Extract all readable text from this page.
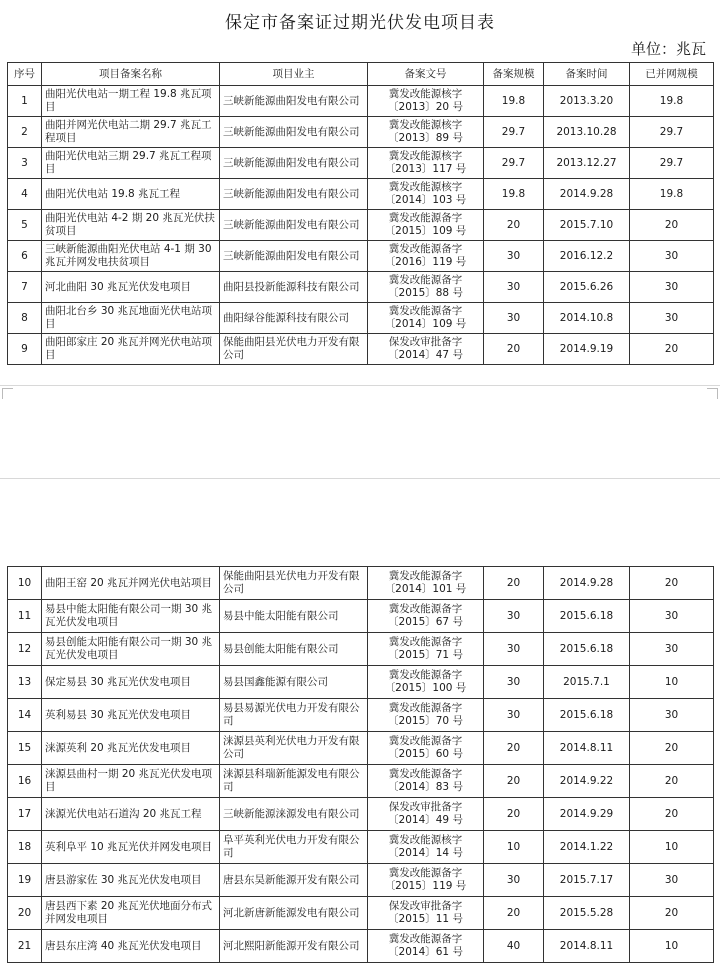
保定市备案证过期光伏发电项目表
单位：兆瓦
序号	项目备案名称	项目业主	备案文号	备案规模	备案时间	已并网规模
1	曲阳光伏电站一期工程 19.8 兆瓦项目	三峡新能源曲阳发电有限公司	冀发改能源核字〔2013〕20 号	19.8	2013.3.20	19.8
2	曲阳并网光伏电站二期 29.7 兆瓦工程项目	三峡新能源曲阳发电有限公司	冀发改能源核字〔2013〕89 号	29.7	2013.10.28	29.7
3	曲阳光伏电站三期 29.7 兆瓦工程项目	三峡新能源曲阳发电有限公司	冀发改能源核字〔2013〕117 号	29.7	2013.12.27	29.7
4	曲阳光伏电站 19.8 兆瓦工程	三峡新能源曲阳发电有限公司	冀发改能源核字〔2014〕103 号	19.8	2014.9.28	19.8
5	曲阳光伏电站 4-2 期 20 兆瓦光伏扶贫项目	三峡新能源曲阳发电有限公司	冀发改能源备字〔2015〕109 号	20	2015.7.10	20
6	三峡新能源曲阳光伏电站 4-1 期 30 兆瓦并网发电扶贫项目	三峡新能源曲阳发电有限公司	冀发改能源备字〔2016〕119 号	30	2016.12.2	30
7	河北曲阳 30 兆瓦光伏发电项目	曲阳县投新能源科技有限公司	冀发改能源备字〔2015〕88 号	30	2015.6.26	30
8	曲阳北台乡 30 兆瓦地面光伏电站项目	曲阳绿谷能源科技有限公司	冀发改能源备字〔2014〕109 号	30	2014.10.8	30
9	曲阳郎家庄 20 兆瓦并网光伏电站项目	保能曲阳县光伏电力开发有限公司	保发改审批备字〔2014〕47 号	20	2014.9.19	20
10	曲阳王窑 20 兆瓦并网光伏电站项目	保能曲阳县光伏电力开发有限公司	冀发改能源备字〔2014〕101 号	20	2014.9.28	20
11	易县中能太阳能有限公司一期 30 兆瓦光伏发电项目	易县中能太阳能有限公司	冀发改能源备字〔2015〕67 号	30	2015.6.18	30
12	易县创能太阳能有限公司一期 30 兆瓦光伏发电项目	易县创能太阳能有限公司	冀发改能源备字〔2015〕71 号	30	2015.6.18	30
13	保定易县 30 兆瓦光伏发电项目	易县国鑫能源有限公司	冀发改能源备字〔2015〕100 号	30	2015.7.1	10
14	英利易县 30 兆瓦光伏发电项目	易县易源光伏电力开发有限公司	冀发改能源备字〔2015〕70 号	30	2015.6.18	30
15	涞源英利 20 兆瓦光伏发电项目	涞源县英利光伏电力开发有限公司	冀发改能源备字〔2015〕60 号	20	2014.8.11	20
16	涞源县曲村一期 20 兆瓦光伏发电项目	涞源县科瑞新能源发电有限公司	冀发改能源备字〔2014〕83 号	20	2014.9.22	20
17	涞源光伏电站石道沟 20 兆瓦工程	三峡新能源涞源发电有限公司	保发改审批备字〔2014〕49 号	20	2014.9.29	20
18	英利阜平 10 兆瓦光伏并网发电项目	阜平英利光伏电力开发有限公司	冀发改能源核字〔2014〕14 号	10	2014.1.22	10
19	唐县游家佐 30 兆瓦光伏发电项目	唐县东昊新能源开发有限公司	冀发改能源备字〔2015〕119 号	30	2015.7.17	30
20	唐县西下素 20 兆瓦光伏地面分布式并网发电项目	河北新唐新能源发电有限公司	保发改审批备字〔2015〕11 号	20	2015.5.28	20
21	唐县东庄湾 40 兆瓦光伏发电项目	河北熙阳新能源开发有限公司	冀发改能源备字〔2014〕61 号	40	2014.8.11	10
